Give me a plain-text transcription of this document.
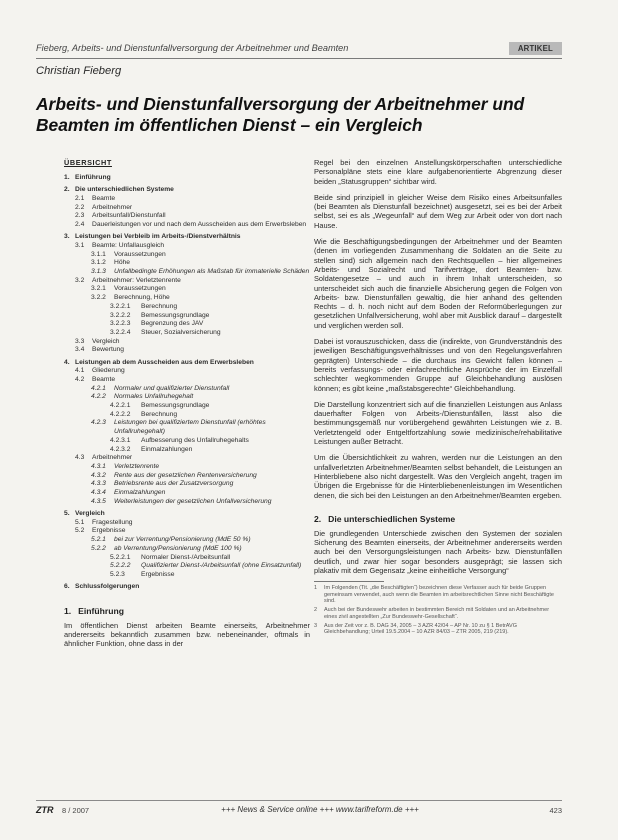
Fieberg, Arbeits- und Dienstunfallversorgung der Arbeitnehmer und Beamten	ARTIKEL
Christian Fieberg
Arbeits- und Dienstunfallversorgung der Arbeitnehmer und Beamten im öffentlichen Dienst – ein Vergleich
ÜBERSICHT
1. Einführung
2. Die unterschiedlichen Systeme
2.1	Beamte
2.2	Arbeitnehmer
2.3	Arbeitsunfall/Dienstunfall
2.4	Dauerleistungen vor und nach dem Ausscheiden aus dem Erwerbsleben
3. Leistungen bei Verbleib im Arbeits-/Dienstverhältnis
3.1	Beamte: Unfallausgleich
3.1.1	Voraussetzungen
3.1.2	Höhe
3.1.3	Unfallbedingte Erhöhungen als Maßstab für immaterielle Schäden
3.2	Arbeitnehmer: Verletztenrente
3.2.1	Voraussetzungen
3.2.2	Berechnung, Höhe
3.2.2.1	Berechnung
3.2.2.2	Bemessungsgrundlage
3.2.2.3	Begrenzung des JAV
3.2.2.4	Steuer, Sozialversicherung
3.3	Vergleich
3.4	Bewertung
4. Leistungen ab dem Ausscheiden aus dem Erwerbsleben
4.1	Gliederung
4.2	Beamte
4.2.1	Normaler und qualifizierter Dienstunfall
4.2.2	Normales Unfallruhegehalt
4.2.2.1	Bemessungsgrundlage
4.2.2.2	Berechnung
4.2.3	Leistungen bei qualifiziertem Dienstunfall (erhöhtes Unfallruhegehalt)
4.2.3.1	Aufbesserung des Unfallruhegehalts
4.2.3.2	Einmalzahlungen
4.3	Arbeitnehmer
4.3.1	Verletztenrente
4.3.2	Rente aus der gesetzlichen Rentenversicherung
4.3.3	Betriebsrente aus der Zusatzversorgung
4.3.4	Einmalzahlungen
4.3.5	Weiterleistungen der gesetzlichen Unfallversicherung
5. Vergleich
5.1	Fragestellung
5.2	Ergebnisse
5.2.1	bei zur Verrentung/Pensionierung (MdE 50 %)
5.2.2	ab Verrentung/Pensionierung (MdE 100 %)
5.2.2.1	Normaler Dienst-/Arbeitsunfall
5.2.2.2	Qualifizierter Dienst-/Arbeitsunfall (ohne Einsatzunfall)
5.2.3	Ergebnisse
6. Schlussfolgerungen
1. Einführung

Im öffentlichen Dienst arbeiten Beamte einerseits, Arbeitnehmer andererseits bekanntlich zusammen bzw. nebeneinander, oftmals in ähnlicher Funktion, ohne dass in der

Regel bei den einzelnen Anstellungskörperschaften unterschiedliche Personalpläne stets eine klare aufgabenorientierte Abgrenzung dieser beiden „Statusgruppen“ sichtbar wird.

Beide sind prinzipiell in gleicher Weise dem Risiko eines Arbeitsunfalles (bei Beamten als Dienstunfall bezeichnet) ausgesetzt, sei es bei der Arbeit selbst, sei es als „Wegeunfall“ auf dem Weg zur Arbeit oder von dort nach Hause.

Wie die Beschäftigungsbedingungen der Arbeitnehmer und der Beamten (denen im vorliegenden Zusammenhang die Soldaten an die Seite zu stellen sind) sich allgemein nach den Rechtsquellen – hier allgemeines Arbeits- und Sozialrecht und Tarifverträge, dort Beamten- bzw. Soldatengesetze – und auch in ihrem Inhalt unterscheiden, so unterscheidet sich auch die finanzielle Absicherung gegen die Folgen von Arbeits- bzw. Dienstunfällen gewaltig, die hier anhand des geltenden Rechts – d. h. noch nicht auf dem Boden der Reformüberlegungen zur gesetzlichen Unfallversicherung, wohl aber mit Ausblick darauf – dargestellt und verglichen werden soll.

Dabei ist vorauszuschicken, dass die (indirekte, von Grundverständnis des jeweiligen Beschäftigungsverhältnisses und von den Regelungsverfahren geprägten) Unterschiede – die durchaus ins Gewicht fallen können – bereits verfassungs- oder einfachrechtliche Ansprüche der im Einzelfall schlechter wegkommenden Gruppe auf Gleichbehandlung auslösen können; es gibt keine „maßstabsgerechte“ Gleichbehandlung.

Die Darstellung konzentriert sich auf die finanziellen Leistungen aus Anlass dauerhafter Folgen von Arbeits-/Dienstunfällen, lässt also die bestimmungsgemäß nur vorübergehend gewährten Leistungen wie z. B. Verletztengeld oder Entgeltfortzahlung sowie medizinische/rehabilitative Leistungen außer Betracht.

Um die Übersichtlichkeit zu wahren, werden nur die Leistungen an den unfallverletzten Arbeitnehmer/Beamten selbst behandelt, die Leistungen an Hinterbliebene also nicht dargestellt. Was den Vergleich angeht, tragen im Übrigen die Ergebnisse für die Hinterbliebenenleistungen im Wesentlichen denen, die sich bei den Leistungen an den Arbeitnehmer/Beamten ergeben.

2. Die unterschiedlichen Systeme

Die grundlegenden Unterschiede zwischen den Systemen der sozialen Sicherung des Beamten einerseits, der Arbeitnehmer andererseits werden auch bei den Versorgungsleistungen nach Arbeits- bzw. Dienstunfällen deutlich, und zwar hier sogar besonders ausgeprägt; sie lassen sich plakativ mit dem Gegensatz „keine einheitliche Versorgung“

1	Im Folgenden (Tit. „die Beschäftigten“) bezeichnen diese Verfasser auch für beide Gruppen gemeinsam verwendet, auch wenn die Beamten im arbeitsrechtlichen Sinne nicht Beschäftigte sind.
2	Auch bei der Bundeswehr arbeiten in bestimmten Bereich mit Soldaten und an Arbeitnehmer eines zivil angestellten „Zur Bundeswehr-Gesellschaft“.
3	Aus der Zeit vor z. B. DAG 34, 2005 – 3 AZR 42/04 – AP Nr. 10 zu § 1 BetrAVG Gleichbehandlung; Urteil 19.5.2004 – 10 AZR 84/03 – ZTR 2005, 219 (219).
ZTR 8 / 2007	+++ News & Service online +++ www.tarifreform.de +++	423
